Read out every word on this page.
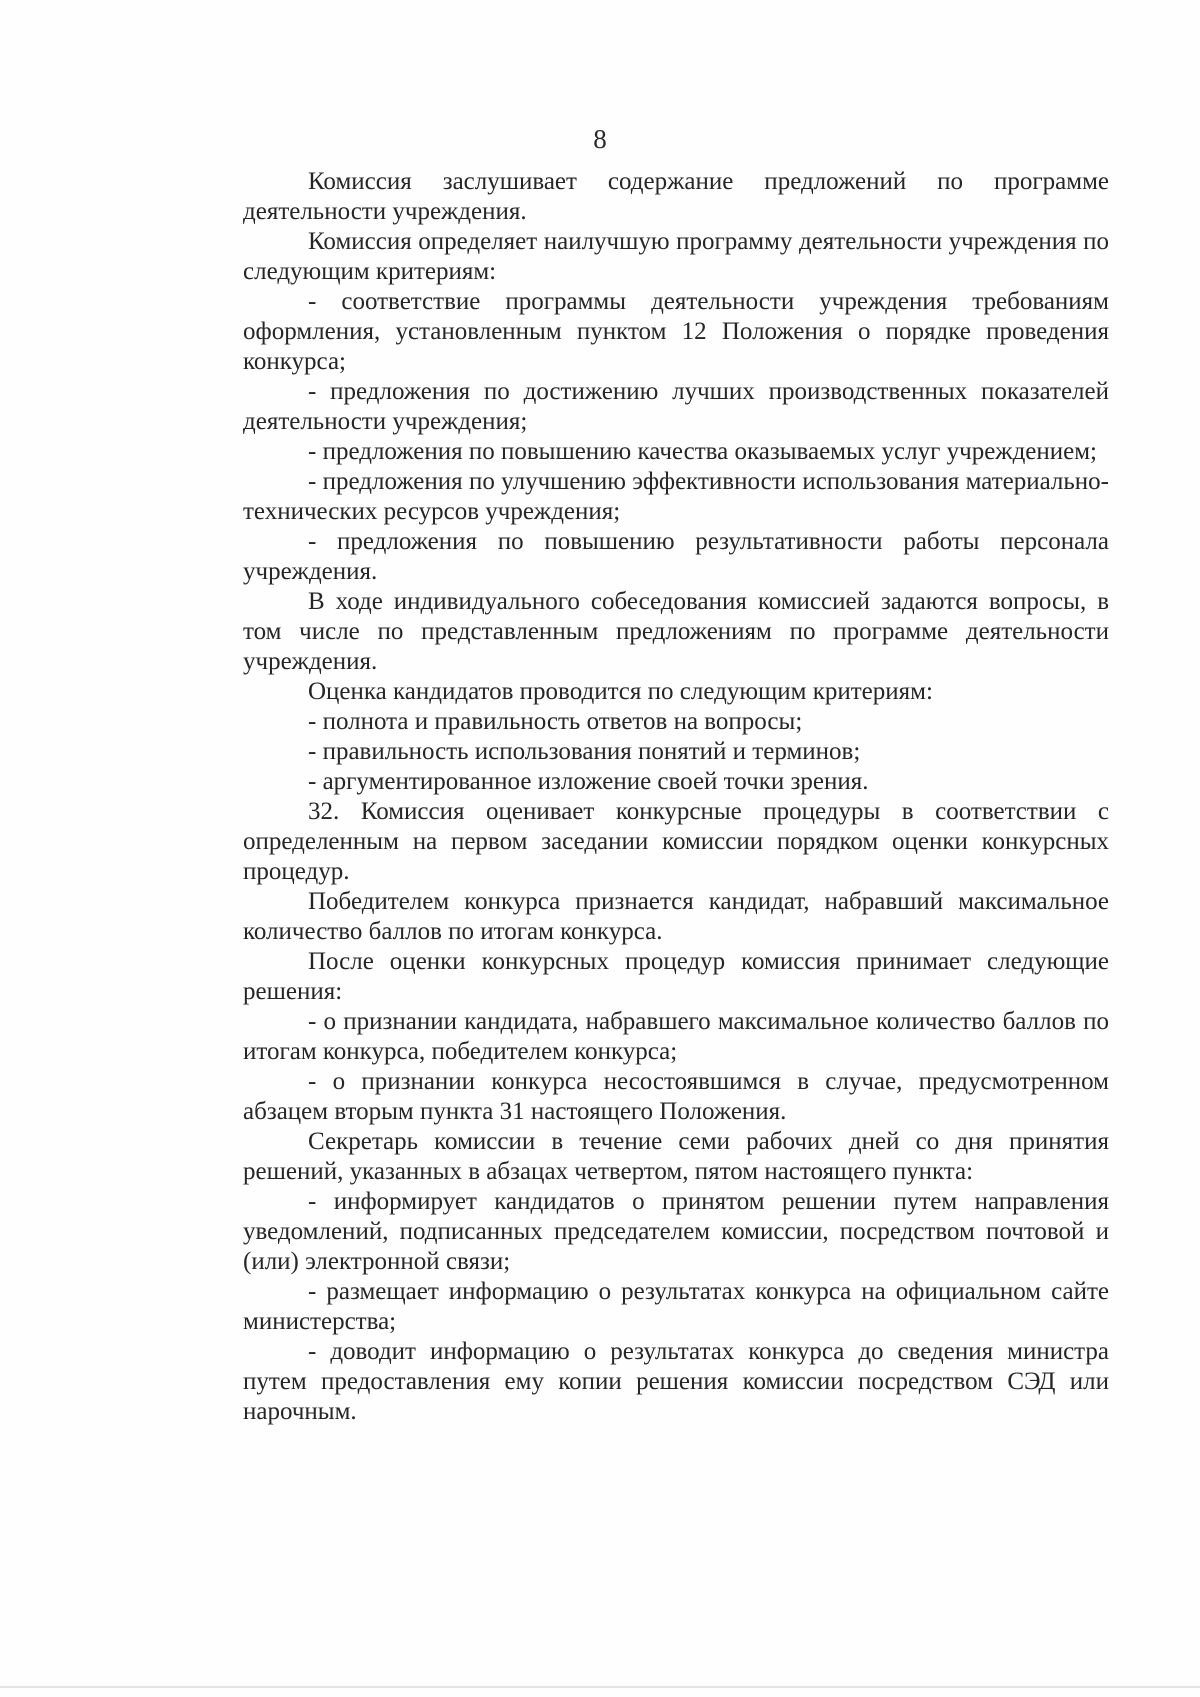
8

Комиссия заслушивает содержание предложений по программе деятельности учреждения.

Комиссия определяет наилучшую программу деятельности учреждения по следующим критериям:

- соответствие программы деятельности учреждения требованиям оформления, установленным пунктом 12 Положения о порядке проведения конкурса;

- предложения по достижению лучших производственных показателей деятельности учреждения;

- предложения по повышению качества оказываемых услуг учреждением;

- предложения по улучшению эффективности использования материально-технических ресурсов учреждения;

- предложения по повышению результативности работы персонала учреждения.

В ходе индивидуального собеседования комиссией задаются вопросы, в том числе по представленным предложениям по программе деятельности учреждения.

Оценка кандидатов проводится по следующим критериям:

- полнота и правильность ответов на вопросы;

- правильность использования понятий и терминов;

- аргументированное изложение своей точки зрения.

32. Комиссия оценивает конкурсные процедуры в соответствии с определенным на первом заседании комиссии порядком оценки конкурсных процедур.

Победителем конкурса признается кандидат, набравший максимальное количество баллов по итогам конкурса.

После оценки конкурсных процедур комиссия принимает следующие решения:

- о признании кандидата, набравшего максимальное количество баллов по итогам конкурса, победителем конкурса;

- о признании конкурса несостоявшимся в случае, предусмотренном абзацем вторым пункта 31 настоящего Положения.

Секретарь комиссии в течение семи рабочих дней со дня принятия решений, указанных в абзацах четвертом, пятом настоящего пункта:

- информирует кандидатов о принятом решении путем направления уведомлений, подписанных председателем комиссии, посредством почтовой и (или) электронной связи;

- размещает информацию о результатах конкурса на официальном сайте министерства;

- доводит информацию о результатах конкурса до сведения министра путем предоставления ему копии решения комиссии посредством СЭД или нарочным.
